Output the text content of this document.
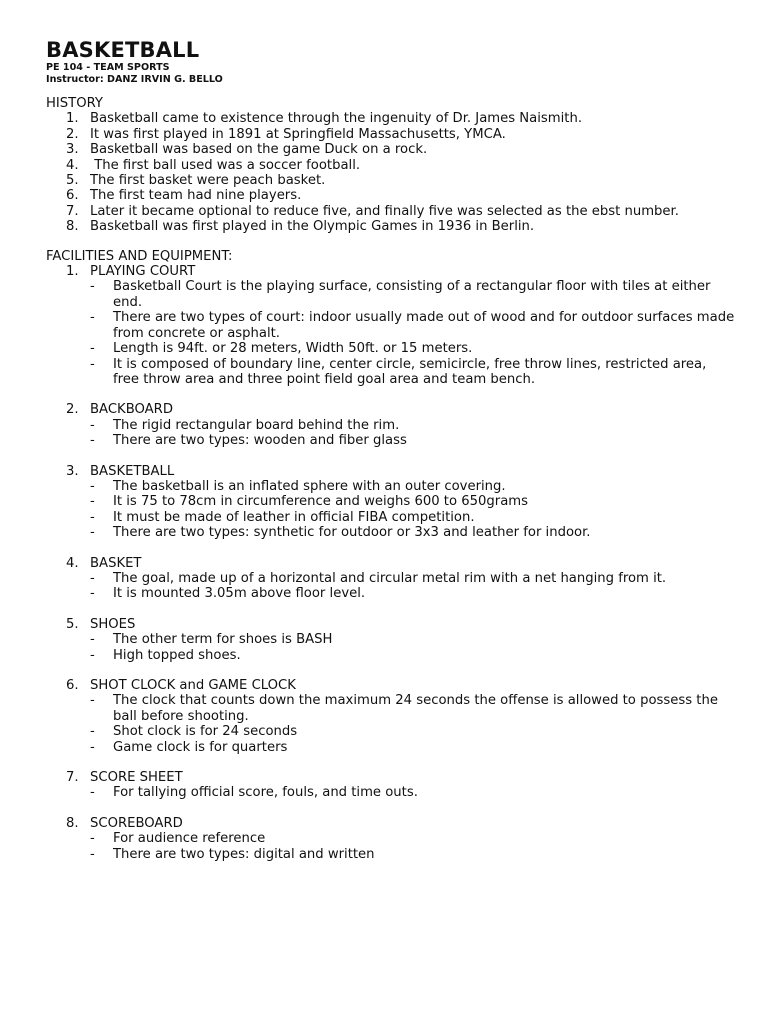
BASKETBALL

PE 104 - TEAM SPORTS

Instructor: DANZ IRVIN G. BELLO

HISTORY

1. Basketball came to existence through the ingenuity of Dr. James Naismith.
2. It was first played in 1891 at Springfield Massachusetts, YMCA.
3. Basketball was based on the game Duck on a rock.
4. The first ball used was a soccer football.
5. The first basket were peach basket.
6. The first team had nine players.
7. Later it became optional to reduce five, and finally five was selected as the ebst number.
8. Basketball was first played in the Olympic Games in 1936 in Berlin.

FACILITIES AND EQUIPMENT:

1. PLAYING COURT
- Basketball Court is the playing surface, consisting of a rectangular floor with tiles at either end.
- There are two types of court: indoor usually made out of wood and for outdoor surfaces made from concrete or asphalt.
- Length is 94ft. or 28 meters, Width 50ft. or 15 meters.
- It is composed of boundary line, center circle, semicircle, free throw lines, restricted area, free throw area and three point field goal area and team bench.
2. BACKBOARD
- The rigid rectangular board behind the rim.
- There are two types: wooden and fiber glass
3. BASKETBALL
- The basketball is an inflated sphere with an outer covering.
- It is 75 to 78cm in circumference and weighs 600 to 650grams
- It must be made of leather in official FIBA competition.
- There are two types: synthetic for outdoor or 3x3 and leather for indoor.
4. BASKET
- The goal, made up of a horizontal and circular metal rim with a net hanging from it.
- It is mounted 3.05m above floor level.
5. SHOES
- The other term for shoes is BASH
- High topped shoes.
6. SHOT CLOCK and GAME CLOCK
- The clock that counts down the maximum 24 seconds the offense is allowed to possess the ball before shooting.
- Shot clock is for 24 seconds
- Game clock is for quarters
7. SCORE SHEET
- For tallying official score, fouls, and time outs.
8. SCOREBOARD
- For audience reference
- There are two types: digital and written
